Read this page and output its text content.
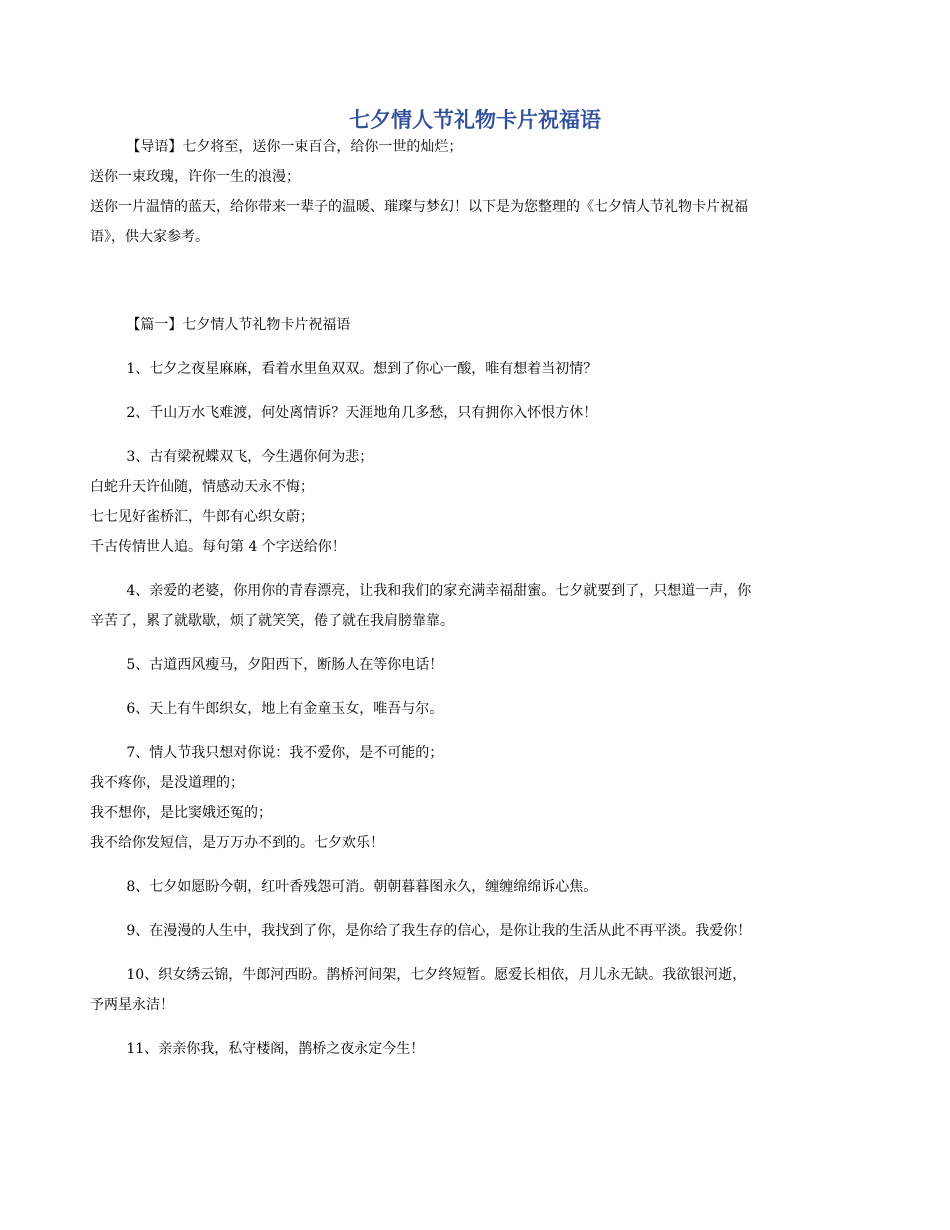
七夕情人节礼物卡片祝福语

【导语】七夕将至，送你一束百合，给你一世的灿烂；

送你一束玫瑰，许你一生的浪漫；

送你一片温情的蓝天，给你带来一辈子的温暖、璀璨与梦幻！以下是为您整理的《七夕情人节礼物卡片祝福

语》，供大家参考。

【篇一】七夕情人节礼物卡片祝福语

1、七夕之夜星麻麻，看着水里鱼双双。想到了你心一酸，唯有想着当初情？

2、千山万水飞难渡，何处离情诉？天涯地角几多愁，只有拥你入怀恨方休！

3、古有梁祝蝶双飞，今生遇你何为悲；

白蛇升天许仙随，情感动天永不悔；

七七见好雀桥汇，牛郎有心织女蔚；

千古传情世人追。每句第 4 个字送给你！

4、亲爱的老婆，你用你的青春漂亮，让我和我们的家充满幸福甜蜜。七夕就要到了，只想道一声，你

辛苦了，累了就歇歇，烦了就笑笑，倦了就在我肩膀靠靠。

5、古道西风瘦马，夕阳西下，断肠人在等你电话！

6、天上有牛郎织女，地上有金童玉女，唯吾与尔。

7、情人节我只想对你说：我不爱你，是不可能的；

我不疼你，是没道理的；

我不想你，是比窦娥还冤的；

我不给你发短信，是万万办不到的。七夕欢乐！

8、七夕如愿盼今朝，红叶香残怨可消。朝朝暮暮图永久，缠缠绵绵诉心焦。

9、在漫漫的人生中，我找到了你，是你给了我生存的信心，是你让我的生活从此不再平淡。我爱你！

10、织女绣云锦，牛郎河西盼。鹊桥河间架，七夕终短暂。愿爱长相依，月儿永无缺。我欲银河逝，

予两星永洁！

11、亲亲你我，私守楼阁，鹊桥之夜永定今生！
